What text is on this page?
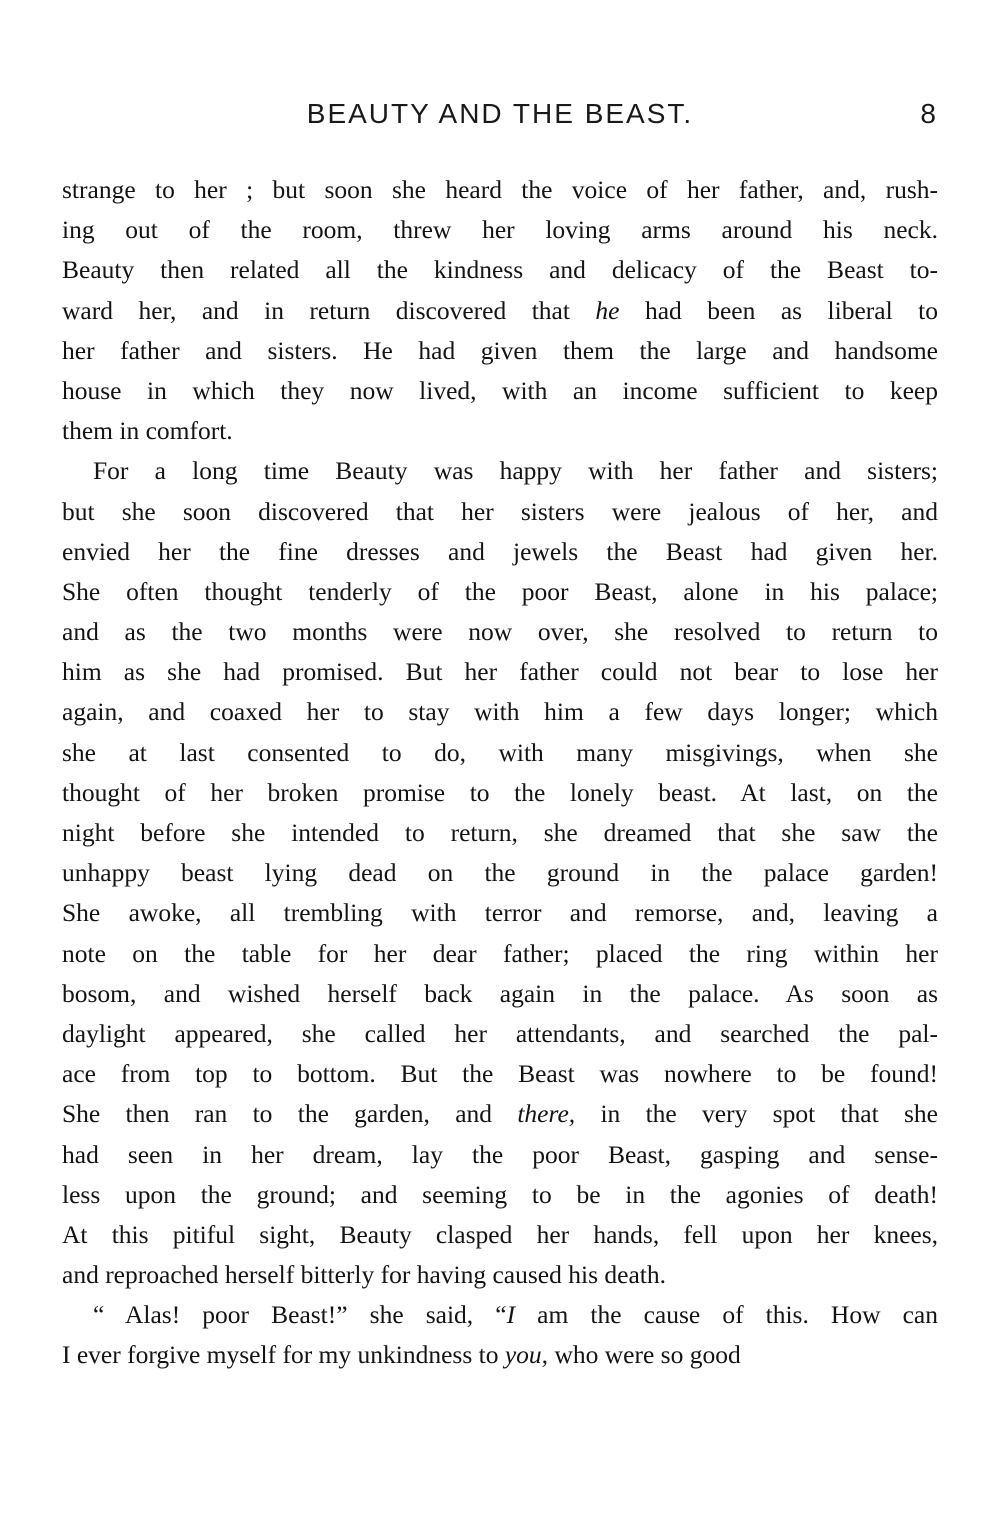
BEAUTY AND THE BEAST.	8
strange to her ; but soon she heard the voice of her father, and, rush-
ing out of the room, threw her loving arms around his neck.
Beauty then related all the kindness and delicacy of the Beast to-
ward her, and in return discovered that he had been as liberal to
her father and sisters. He had given them the large and handsome
house in which they now lived, with an income sufficient to keep
them in comfort.
For a long time Beauty was happy with her father and sisters;
but she soon discovered that her sisters were jealous of her, and
envied her the fine dresses and jewels the Beast had given her.
She often thought tenderly of the poor Beast, alone in his palace;
and as the two months were now over, she resolved to return to
him as she had promised. But her father could not bear to lose her
again, and coaxed her to stay with him a few days longer; which
she at last consented to do, with many misgivings, when she
thought of her broken promise to the lonely beast. At last, on the
night before she intended to return, she dreamed that she saw the
unhappy beast lying dead on the ground in the palace garden!
She awoke, all trembling with terror and remorse, and, leaving a
note on the table for her dear father; placed the ring within her
bosom, and wished herself back again in the palace. As soon as
daylight appeared, she called her attendants, and searched the pal-
ace from top to bottom. But the Beast was nowhere to be found!
She then ran to the garden, and there, in the very spot that she
had seen in her dream, lay the poor Beast, gasping and sense-
less upon the ground; and seeming to be in the agonies of death!
At this pitiful sight, Beauty clasped her hands, fell upon her knees,
and reproached herself bitterly for having caused his death.
“ Alas! poor Beast!” she said, “I am the cause of this. How can
I ever forgive myself for my unkindness to you, who were so good
